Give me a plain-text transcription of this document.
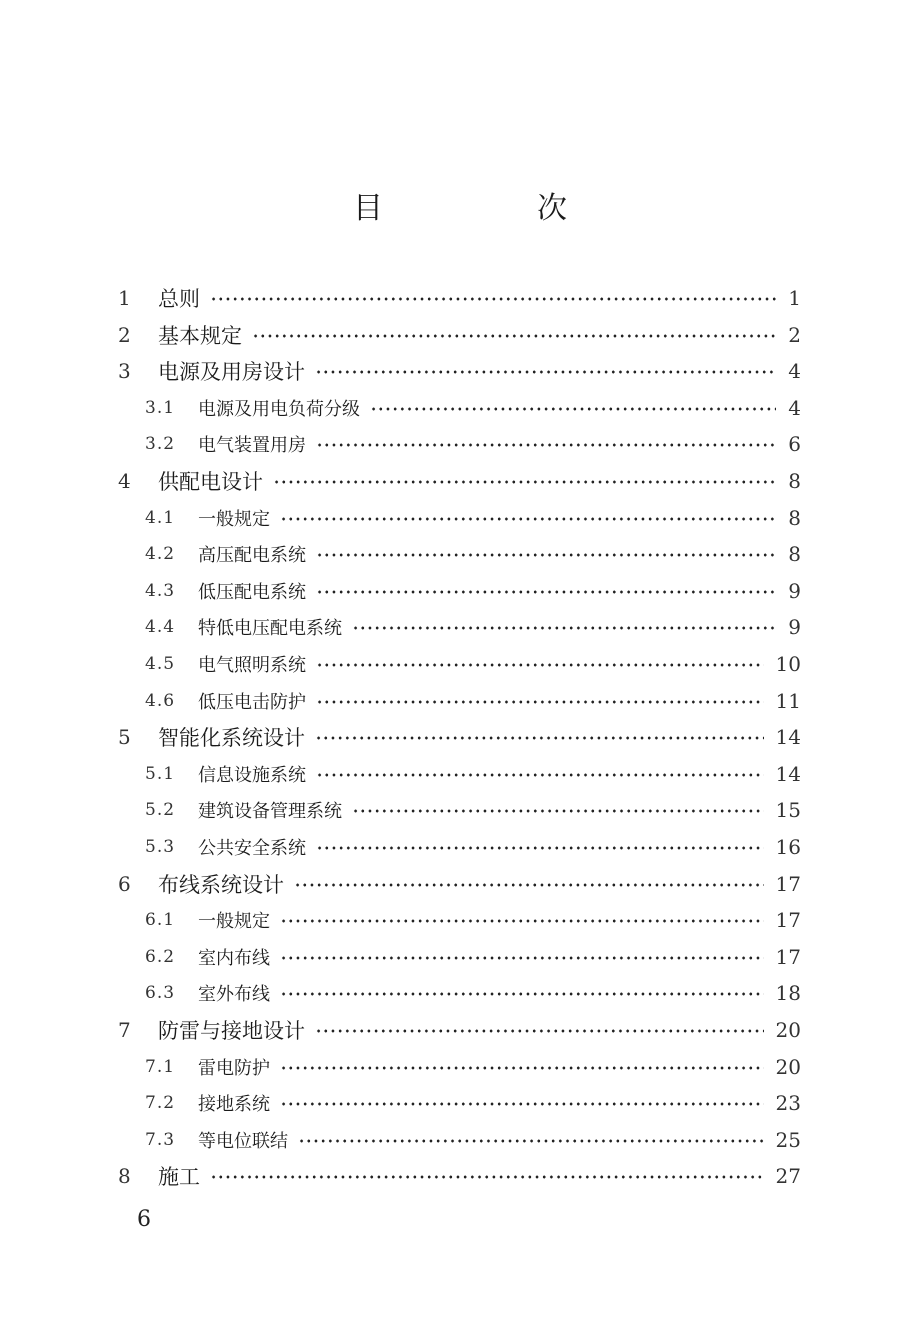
目　次
1 总则	1
2 基本规定	2
3 电源及用房设计	4
3.1 电源及用电负荷分级	4
3.2 电气装置用房	6
4 供配电设计	8
4.1 一般规定	8
4.2 高压配电系统	8
4.3 低压配电系统	9
4.4 特低电压配电系统	9
4.5 电气照明系统	10
4.6 低压电击防护	11
5 智能化系统设计	14
5.1 信息设施系统	14
5.2 建筑设备管理系统	15
5.3 公共安全系统	16
6 布线系统设计	17
6.1 一般规定	17
6.2 室内布线	17
6.3 室外布线	18
7 防雷与接地设计	20
7.1 雷电防护	20
7.2 接地系统	23
7.3 等电位联结	25
8 施工	27
6
